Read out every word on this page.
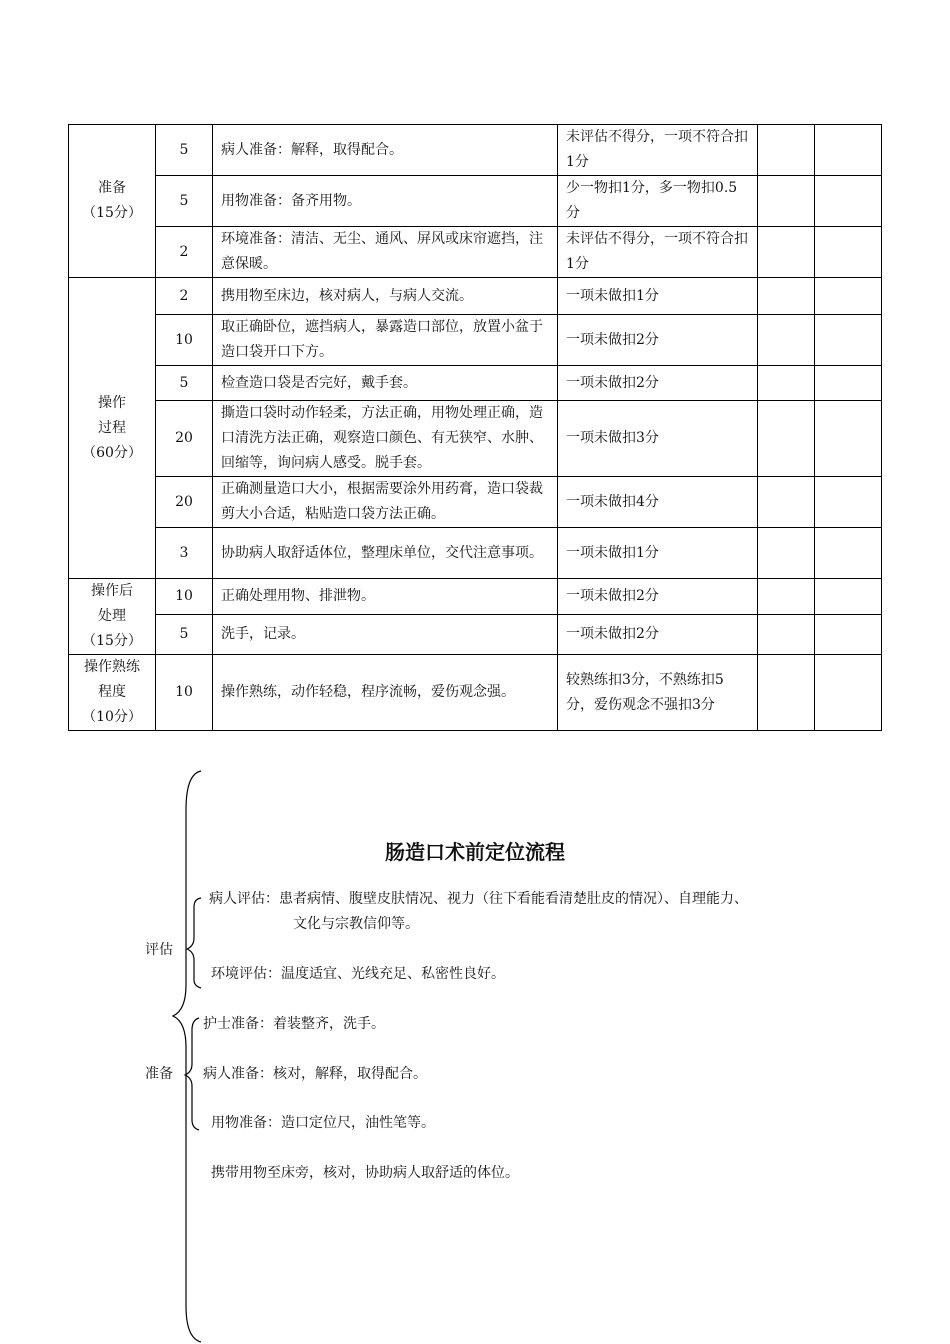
准备
（15分）	5	病人准备：解释，取得配合。	未评估不得分，一项不符合扣1分		
	5	用物准备：备齐用物。	少一物扣1分，多一物扣0.5分		
	2	环境准备：清洁、无尘、通风、屏风或床帘遮挡，注意保暖。	未评估不得分，一项不符合扣1分		

操作
过程
（60分）	2	携用物至床边，核对病人，与病人交流。	一项未做扣1分		
	10	取正确卧位，遮挡病人，暴露造口部位，放置小盆于造口袋开口下方。	一项未做扣2分		
	5	检查造口袋是否完好，戴手套。	一项未做扣2分		
	20	撕造口袋时动作轻柔，方法正确，用物处理正确，造口清洗方法正确，观察造口颜色、有无狭窄、水肿、回缩等，询问病人感受。脱手套。	一项未做扣3分		
	20	正确测量造口大小，根据需要涂外用药膏，造口袋裁剪大小合适，粘贴造口袋方法正确。	一项未做扣4分		
	3	协助病人取舒适体位，整理床单位，交代注意事项。	一项未做扣1分		

操作后
处理
（15分）	10	正确处理用物、排泄物。	一项未做扣2分		
	5	洗手，记录。	一项未做扣2分		

操作熟练
程度
（10分）	10	操作熟练，动作轻稳，程序流畅，爱伤观念强。	较熟练扣3分，不熟练扣5分，爱伤观念不强扣3分		
肠造口术前定位流程
评估
病人评估：患者病情、腹壁皮肤情况、视力（往下看能看清楚肚皮的情况）、自理能力、
文化与宗教信仰等。
环境评估：温度适宜、光线充足、私密性良好。
准备
护士准备：着装整齐，洗手。
病人准备：核对，解释，取得配合。
用物准备：造口定位尺，油性笔等。
携带用物至床旁，核对，协助病人取舒适的体位。
